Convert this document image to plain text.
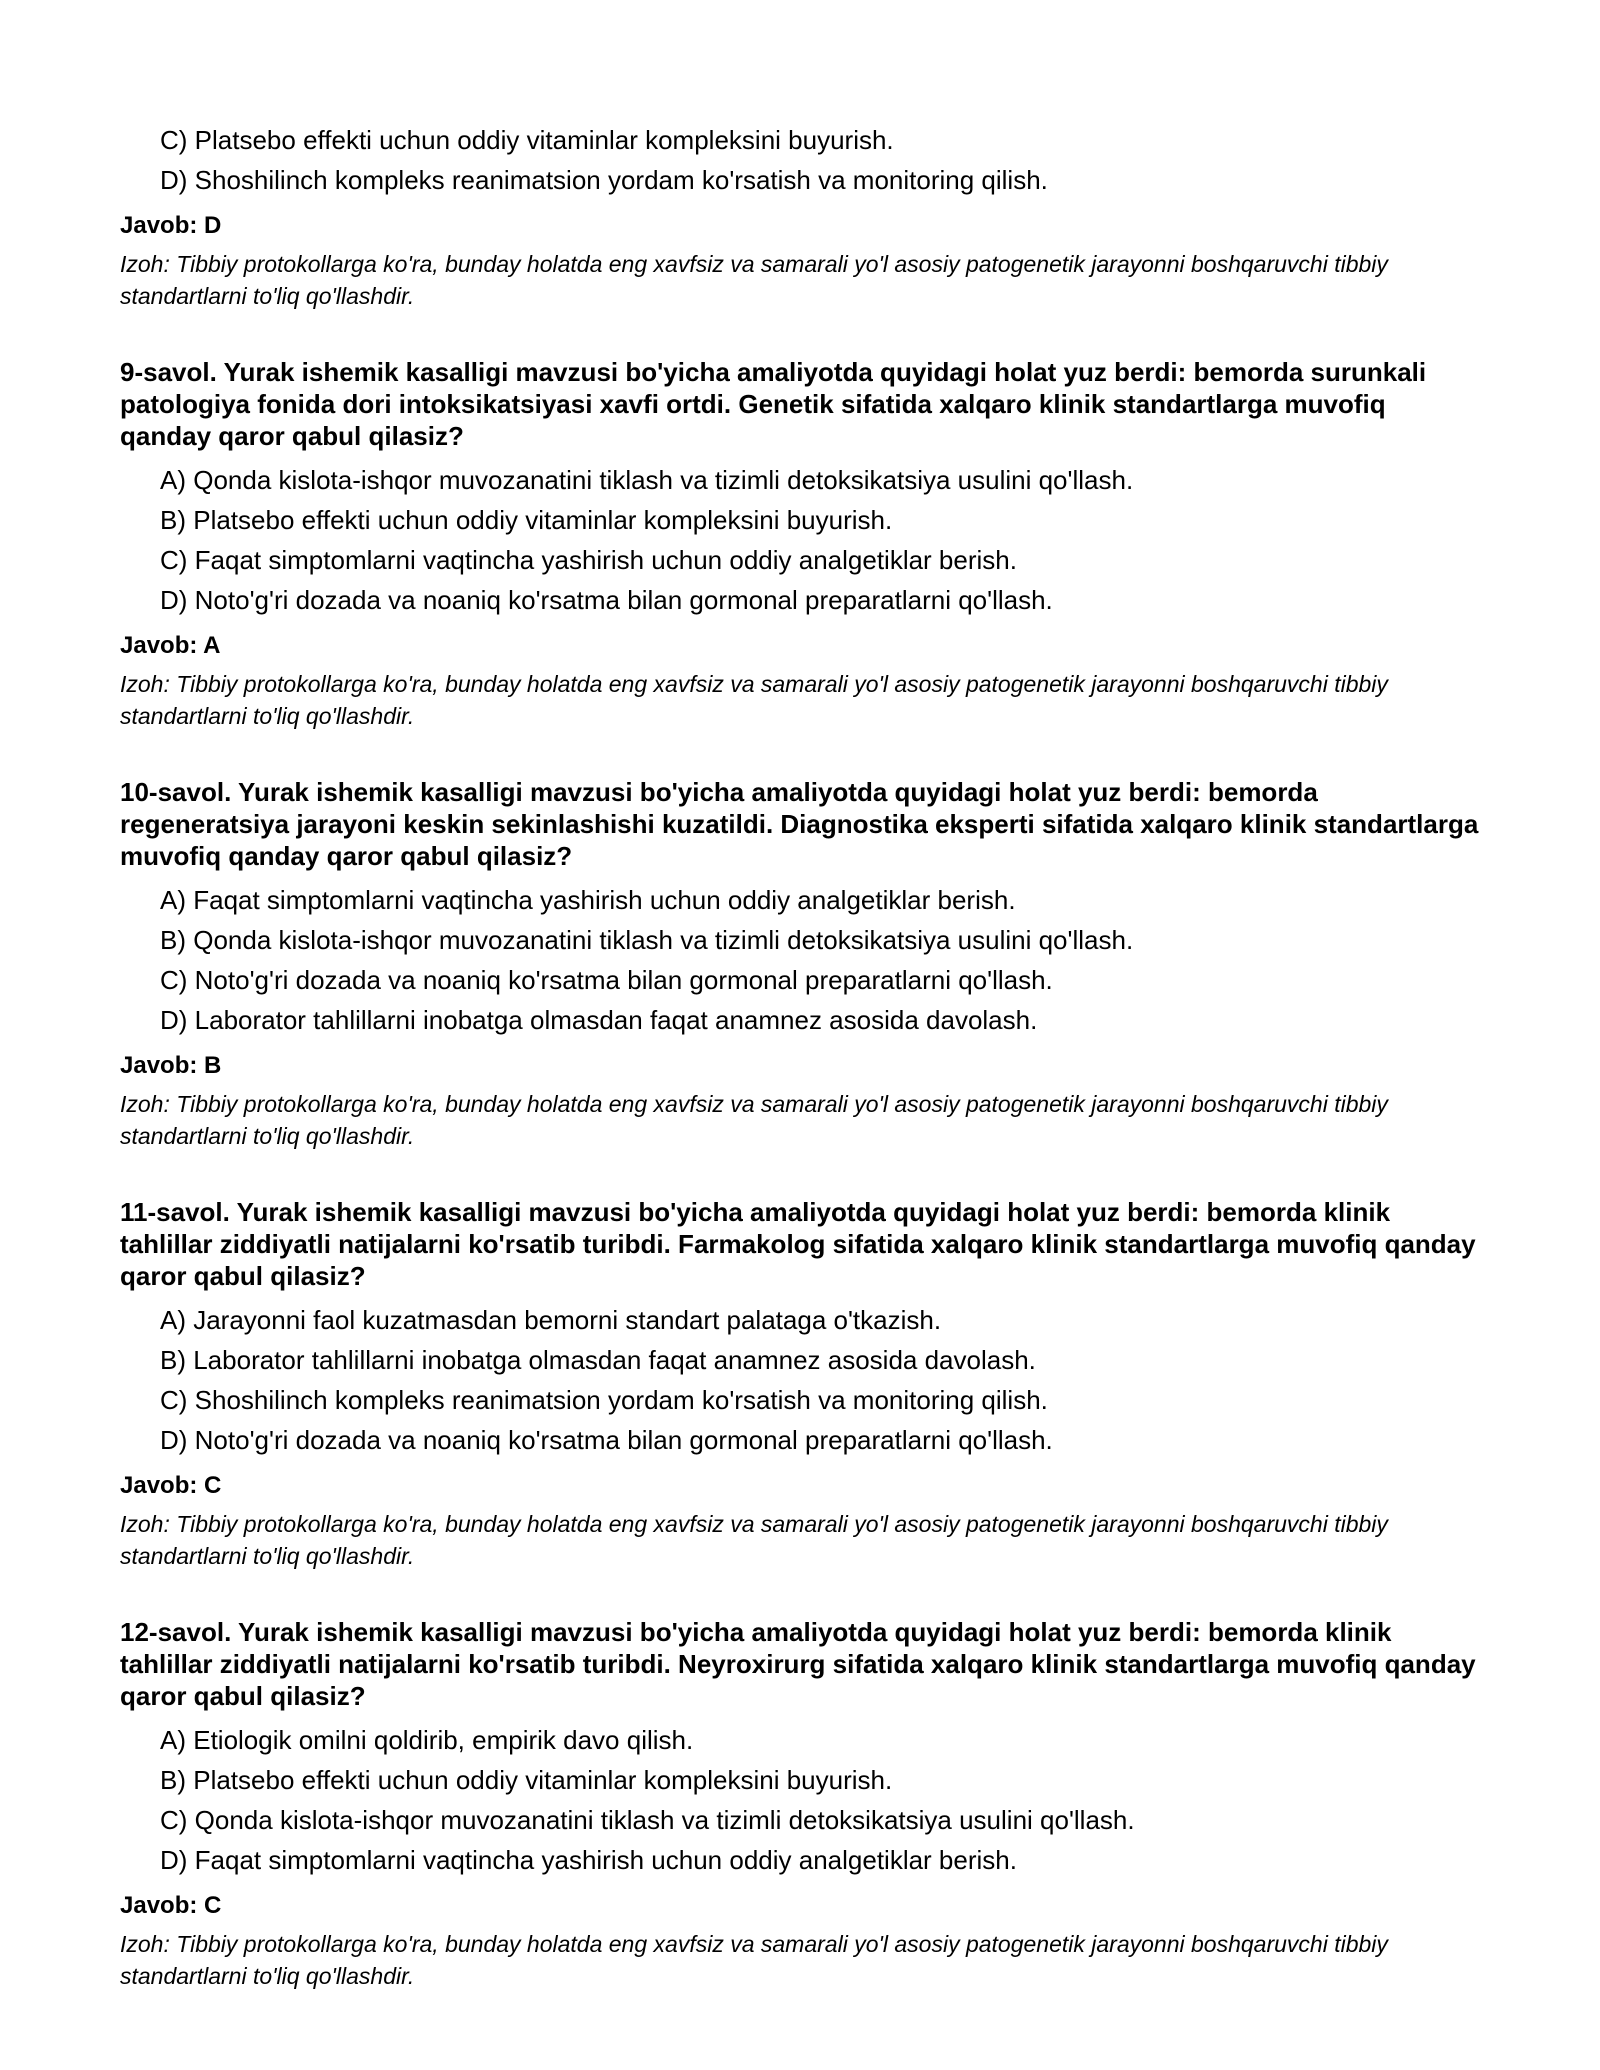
C) Platsebo effekti uchun oddiy vitaminlar kompleksini buyurish.
D) Shoshilinch kompleks reanimatsion yordam ko'rsatish va monitoring qilish.
Javob: D
Izoh: Tibbiy protokollarga ko'ra, bunday holatda eng xavfsiz va samarali yo'l asosiy patogenetik jarayonni boshqaruvchi tibbiy standartlarni to'liq qo'llashdir.

9-savol. Yurak ishemik kasalligi mavzusi bo'yicha amaliyotda quyidagi holat yuz berdi: bemorda surunkali patologiya fonida dori intoksikatsiyasi xavfi ortdi. Genetik sifatida xalqaro klinik standartlarga muvofiq qanday qaror qabul qilasiz?

A) Qonda kislota-ishqor muvozanatini tiklash va tizimli detoksikatsiya usulini qo'llash.
B) Platsebo effekti uchun oddiy vitaminlar kompleksini buyurish.
C) Faqat simptomlarni vaqtincha yashirish uchun oddiy analgetiklar berish.
D) Noto'g'ri dozada va noaniq ko'rsatma bilan gormonal preparatlarni qo'llash.
Javob: A
Izoh: Tibbiy protokollarga ko'ra, bunday holatda eng xavfsiz va samarali yo'l asosiy patogenetik jarayonni boshqaruvchi tibbiy standartlarni to'liq qo'llashdir.

10-savol. Yurak ishemik kasalligi mavzusi bo'yicha amaliyotda quyidagi holat yuz berdi: bemorda regeneratsiya jarayoni keskin sekinlashishi kuzatildi. Diagnostika eksperti sifatida xalqaro klinik standartlarga muvofiq qanday qaror qabul qilasiz?

A) Faqat simptomlarni vaqtincha yashirish uchun oddiy analgetiklar berish.
B) Qonda kislota-ishqor muvozanatini tiklash va tizimli detoksikatsiya usulini qo'llash.
C) Noto'g'ri dozada va noaniq ko'rsatma bilan gormonal preparatlarni qo'llash.
D) Laborator tahlillarni inobatga olmasdan faqat anamnez asosida davolash.
Javob: B
Izoh: Tibbiy protokollarga ko'ra, bunday holatda eng xavfsiz va samarali yo'l asosiy patogenetik jarayonni boshqaruvchi tibbiy standartlarni to'liq qo'llashdir.

11-savol. Yurak ishemik kasalligi mavzusi bo'yicha amaliyotda quyidagi holat yuz berdi: bemorda klinik tahlillar ziddiyatli natijalarni ko'rsatib turibdi. Farmakolog sifatida xalqaro klinik standartlarga muvofiq qanday qaror qabul qilasiz?

A) Jarayonni faol kuzatmasdan bemorni standart palataga o'tkazish.
B) Laborator tahlillarni inobatga olmasdan faqat anamnez asosida davolash.
C) Shoshilinch kompleks reanimatsion yordam ko'rsatish va monitoring qilish.
D) Noto'g'ri dozada va noaniq ko'rsatma bilan gormonal preparatlarni qo'llash.
Javob: C
Izoh: Tibbiy protokollarga ko'ra, bunday holatda eng xavfsiz va samarali yo'l asosiy patogenetik jarayonni boshqaruvchi tibbiy standartlarni to'liq qo'llashdir.

12-savol. Yurak ishemik kasalligi mavzusi bo'yicha amaliyotda quyidagi holat yuz berdi: bemorda klinik tahlillar ziddiyatli natijalarni ko'rsatib turibdi. Neyroxirurg sifatida xalqaro klinik standartlarga muvofiq qanday qaror qabul qilasiz?

A) Etiologik omilni qoldirib, empirik davo qilish.
B) Platsebo effekti uchun oddiy vitaminlar kompleksini buyurish.
C) Qonda kislota-ishqor muvozanatini tiklash va tizimli detoksikatsiya usulini qo'llash.
D) Faqat simptomlarni vaqtincha yashirish uchun oddiy analgetiklar berish.
Javob: C
Izoh: Tibbiy protokollarga ko'ra, bunday holatda eng xavfsiz va samarali yo'l asosiy patogenetik jarayonni boshqaruvchi tibbiy standartlarni to'liq qo'llashdir.
